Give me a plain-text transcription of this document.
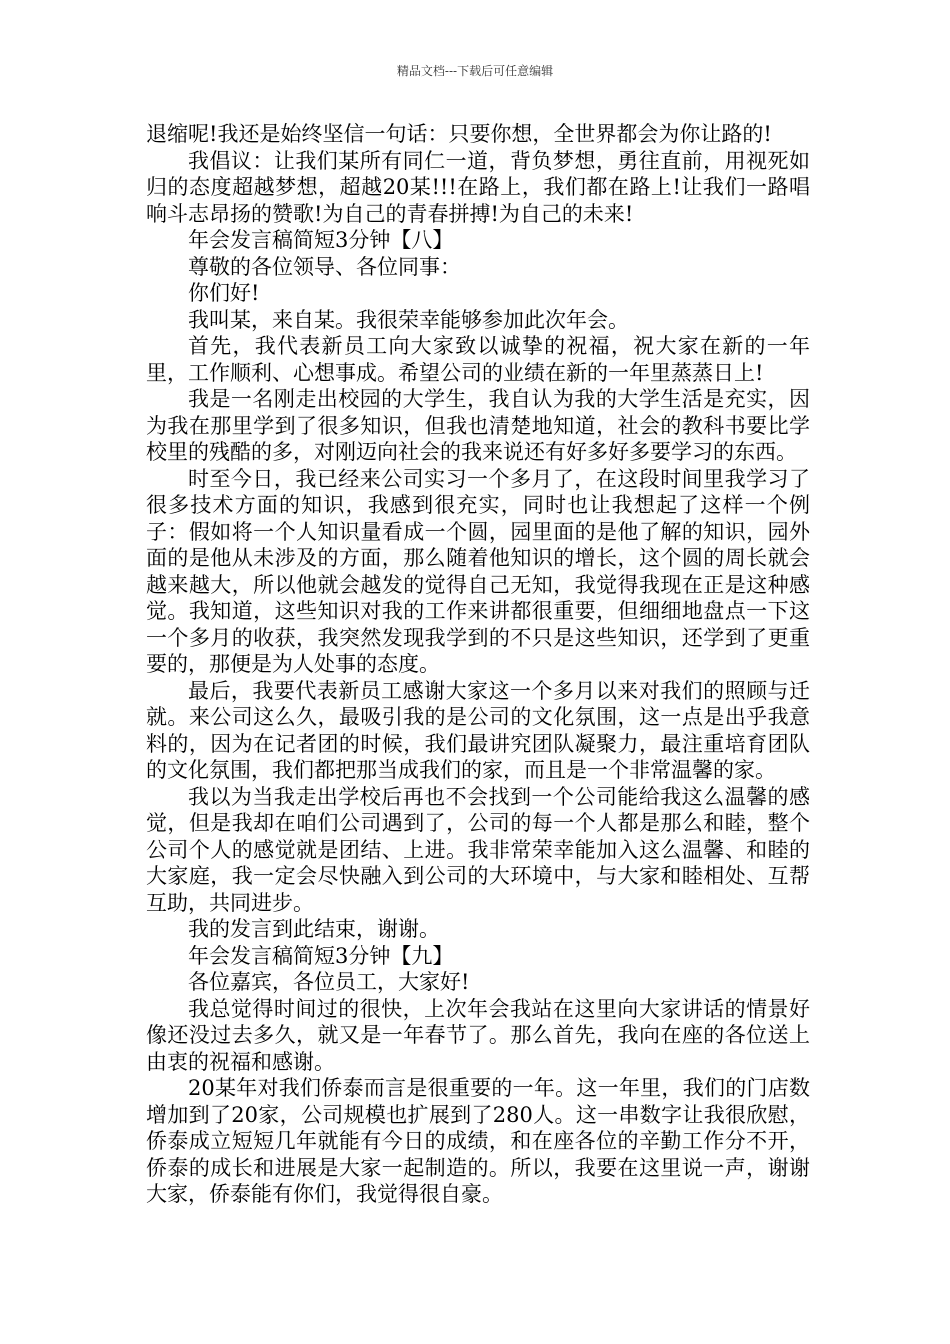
精品文档---下载后可任意编辑

退缩呢!我还是始终坚信一句话：只要你想，全世界都会为你让路的!

我倡议：让我们某所有同仁一道，背负梦想，勇往直前，用视死如归的态度超越梦想，超越20某!!!在路上，我们都在路上!让我们一路唱响斗志昂扬的赞歌!为自己的青春拼搏!为自己的未来!

年会发言稿简短3分钟【八】

尊敬的各位领导、各位同事：

你们好!

我叫某，来自某。我很荣幸能够参加此次年会。

首先，我代表新员工向大家致以诚挚的祝福，祝大家在新的一年里，工作顺利、心想事成。希望公司的业绩在新的一年里蒸蒸日上!

我是一名刚走出校园的大学生，我自认为我的大学生活是充实，因为我在那里学到了很多知识，但我也清楚地知道，社会的教科书要比学校里的残酷的多，对刚迈向社会的我来说还有好多好多要学习的东西。

时至今日，我已经来公司实习一个多月了，在这段时间里我学习了很多技术方面的知识，我感到很充实，同时也让我想起了这样一个例子：假如将一个人知识量看成一个圆，园里面的是他了解的知识，园外面的是他从未涉及的方面，那么随着他知识的增长，这个圆的周长就会越来越大，所以他就会越发的觉得自己无知，我觉得我现在正是这种感觉。我知道，这些知识对我的工作来讲都很重要，但细细地盘点一下这一个多月的收获，我突然发现我学到的不只是这些知识，还学到了更重要的，那便是为人处事的态度。

最后，我要代表新员工感谢大家这一个多月以来对我们的照顾与迁就。来公司这么久，最吸引我的是公司的文化氛围，这一点是出乎我意料的，因为在记者团的时候，我们最讲究团队凝聚力，最注重培育团队的文化氛围，我们都把那当成我们的家，而且是一个非常温馨的家。

我以为当我走出学校后再也不会找到一个公司能给我这么温馨的感觉，但是我却在咱们公司遇到了，公司的每一个人都是那么和睦，整个公司个人的感觉就是团结、上进。我非常荣幸能加入这么温馨、和睦的大家庭，我一定会尽快融入到公司的大环境中，与大家和睦相处、互帮互助，共同进步。

我的发言到此结束，谢谢。

年会发言稿简短3分钟【九】

各位嘉宾，各位员工，大家好!

我总觉得时间过的很快，上次年会我站在这里向大家讲话的情景好像还没过去多久，就又是一年春节了。那么首先，我向在座的各位送上由衷的祝福和感谢。

20某年对我们侨泰而言是很重要的一年。这一年里，我们的门店数增加到了20家，公司规模也扩展到了280人。这一串数字让我很欣慰，侨泰成立短短几年就能有今日的成绩，和在座各位的辛勤工作分不开，侨泰的成长和进展是大家一起制造的。所以，我要在这里说一声，谢谢大家，侨泰能有你们，我觉得很自豪。
